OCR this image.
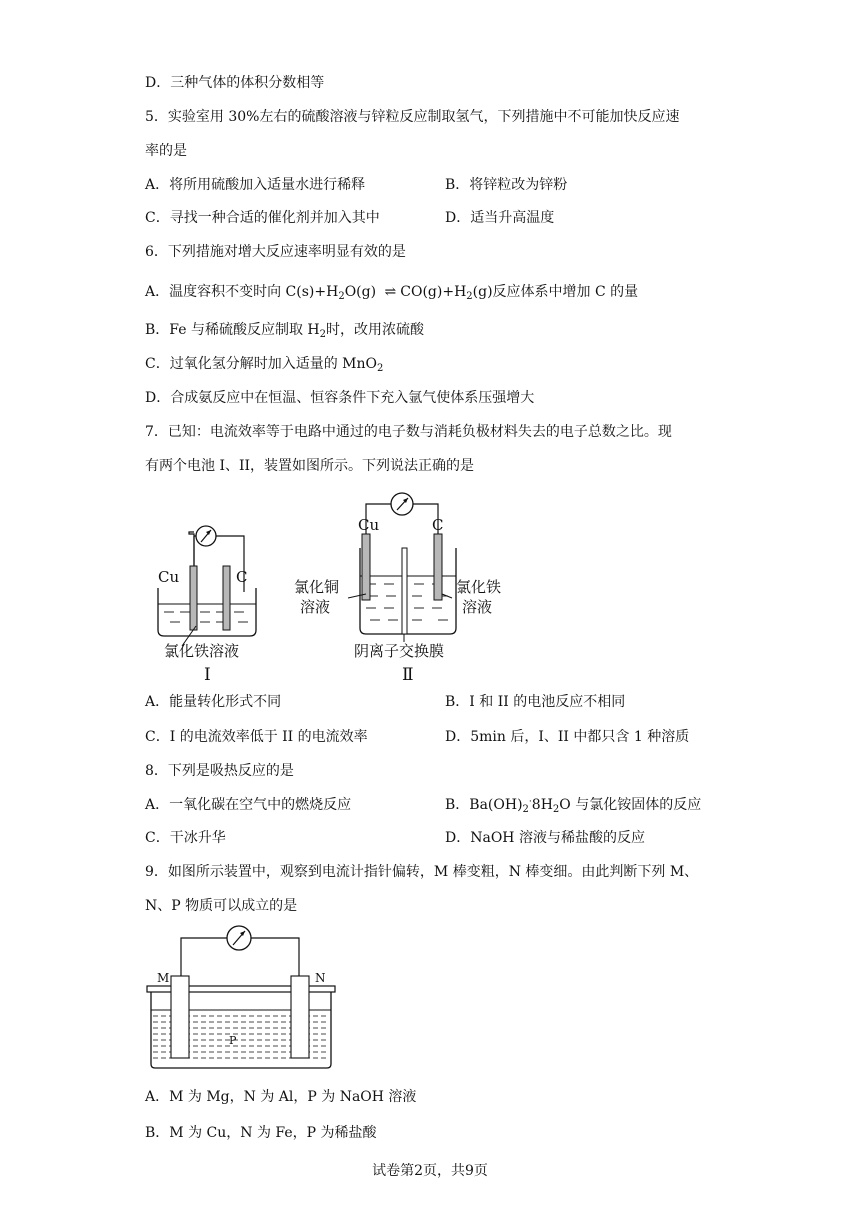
D．三种气体的体积分数相等
5．实验室用 30%左右的硫酸溶液与锌粒反应制取氢气，下列措施中不可能加快反应速
率的是
A．将所用硫酸加入适量水进行稀释	B．将锌粒改为锌粉
C．寻找一种合适的催化剂并加入其中	D．适当升高温度
6．下列措施对增大反应速率明显有效的是
A．温度容积不变时向 $C(s)+H_2O(g)$ ⇌ $CO(g)+H_2(g)$反应体系中增加 C 的量
B．Fe 与稀硫酸反应制取 $H_2$时，改用浓硫酸
C．过氧化氢分解时加入适量的 MnO$_2$
D．合成氨反应中在恒温、恒容条件下充入氩气使体系压强增大
7．已知：电流效率等于电路中通过的电子数与消耗负极材料失去的电子总数之比。现
有两个电池 I、II，装置如图所示。下列说法正确的是
Cu	C
氯化铁溶液
Ⅰ
Cu	C
氯化铜
溶液
氯化铁
溶液
阴离子交换膜
Ⅱ
A．能量转化形式不同	B．I 和 II 的电池反应不相同
C．I 的电流效率低于 II 的电流效率	D．5min 后，I、II 中都只含 1 种溶质
8．下列是吸热反应的是
A．一氧化碳在空气中的燃烧反应	B．$Ba(OH)_2^\cdot 8H_2O$ 与氯化铵固体的反应
C．干冰升华	D．NaOH 溶液与稀盐酸的反应
9．如图所示装置中，观察到电流计指针偏转，M 棒变粗，N 棒变细。由此判断下列 M、
N、P 物质可以成立的是
M	N
P
A．M 为 Mg，N 为 Al，P 为 NaOH 溶液
B．M 为 Cu，N 为 Fe，P 为稀盐酸
试卷第2页，共9页
